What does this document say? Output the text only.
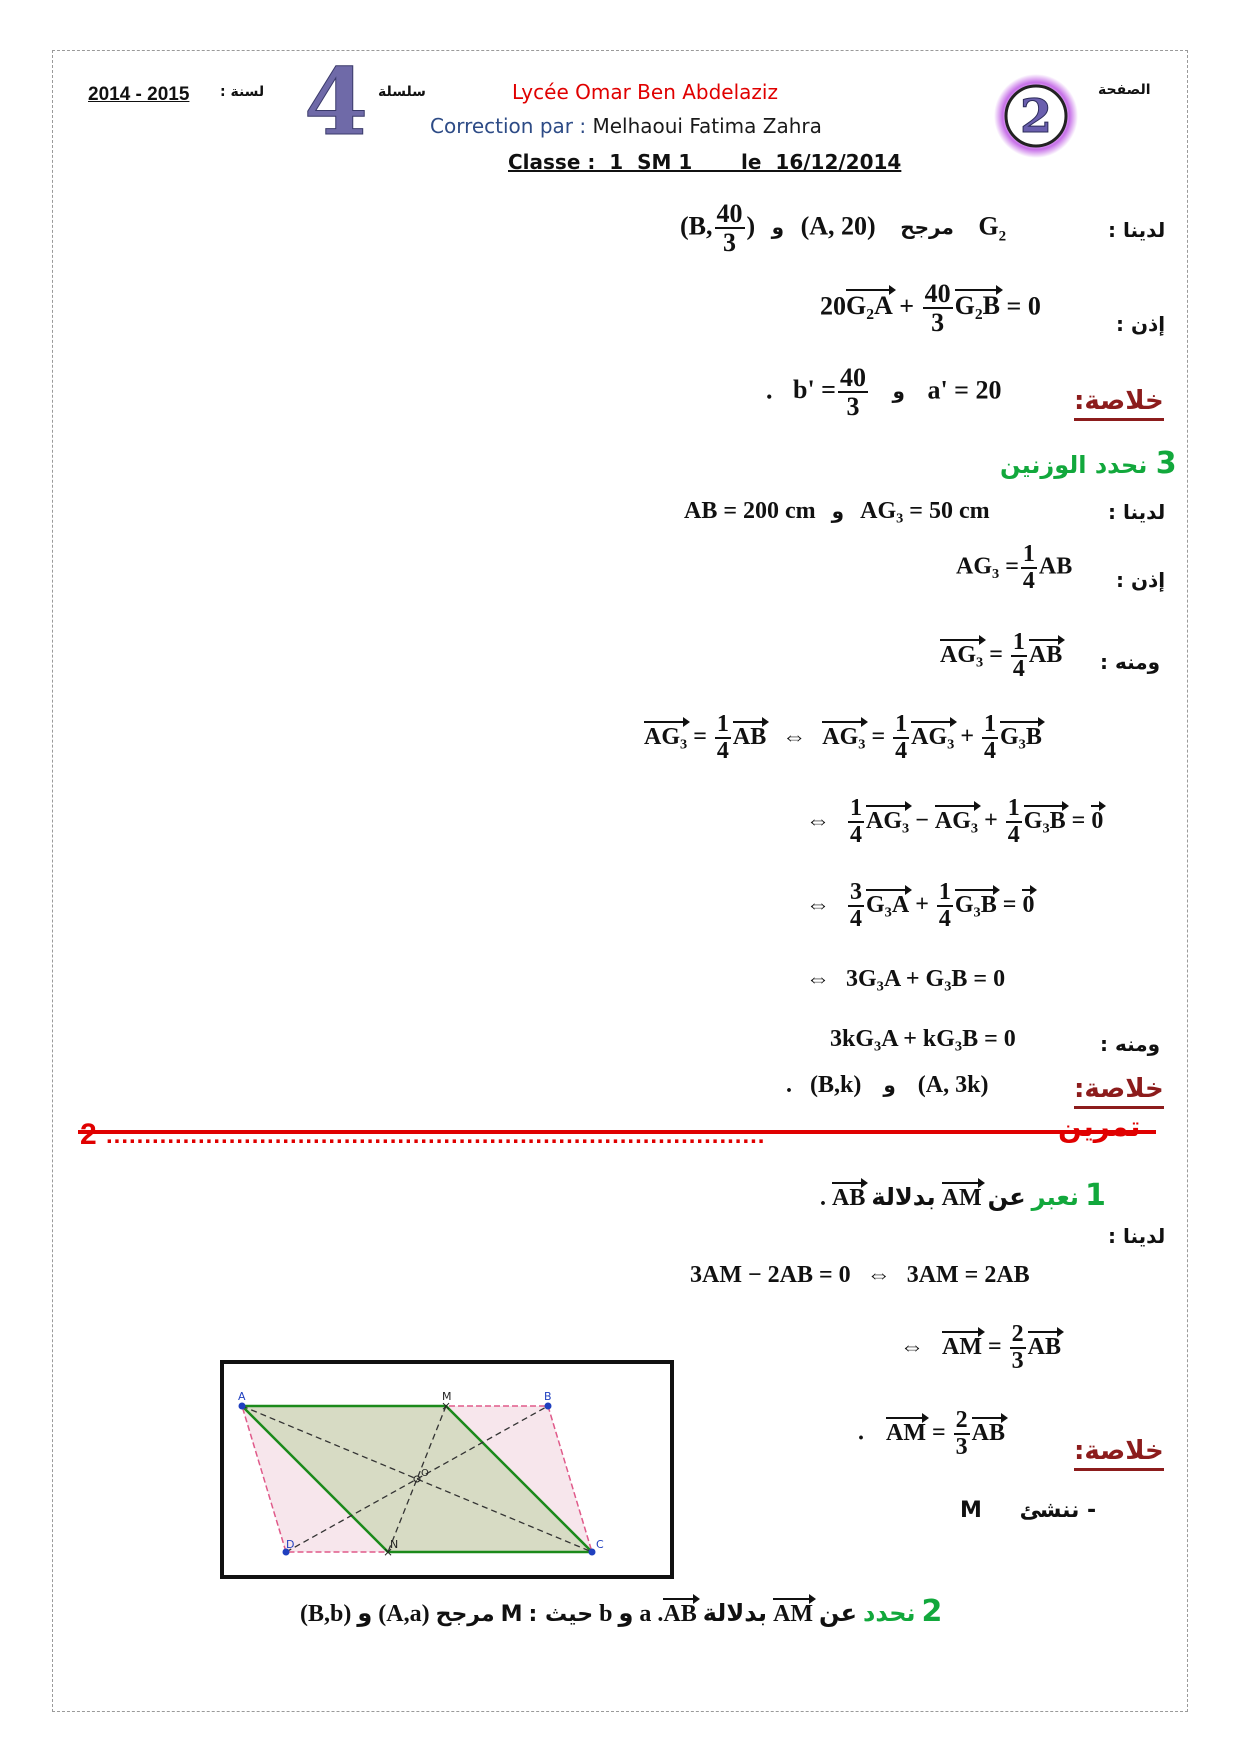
2014 - 2015 لسنة : 4 سلسلة	Lycée Omar Ben Abdelaziz
Correction par : Melhaoui Fatima Zahra
Classe :  1  SM 1       le  16/12/2014
2	الصفحة
(B, $\frac{40}{3}$ ) و (A, 20) مرجح $G_2$	لدينا :
$20G_2A + \frac{40}{3} G_2B = 0$
إذن :
. $b' = \frac{40}{3}$ و a' = 20	خلاصة:
3 نحدد الوزنين
AB = 200 cm و AG₃ = 50 cm	لدينا :
$AG_3 = \frac{1}{4}$ AB
إذن :
$AG_3 = \frac{1}{4}$ AB ومنه :
$AG_3 = \frac{1}{4}$ AB ⇔ $AG_3 = \frac{1}{4} AG_3 + \frac{1}{4} G_3B$
⇔ $\frac{1}{4} AG_3 - AG_3 + \frac{1}{4} G_3B = 0$
⇔ $\frac{3}{4} G_3A + \frac{1}{4} G_3B = 0$
⇔ 3G₃A + G₃B = 0
3kG₃A + kG₃B = 0	ومنه :
. (B,k) و (A, 3k)	خلاصة:
2 ......................................................................................	تمرين
1 نعبر عن AM بدلالة AB .
لدينا :
3AM − 2AB = 0 ⇔ 3AM = 2AB
⇔ AM = $\frac{2}{3}$ AB
. AM = $\frac{2}{3}$ AB
خلاصة:
- ننشئ M
×
×
A	M	B
D	N	C
O
2 نحدد عن AM بدلالة AB. a و b حيث : M مرجح (A,a) و (B,b)
